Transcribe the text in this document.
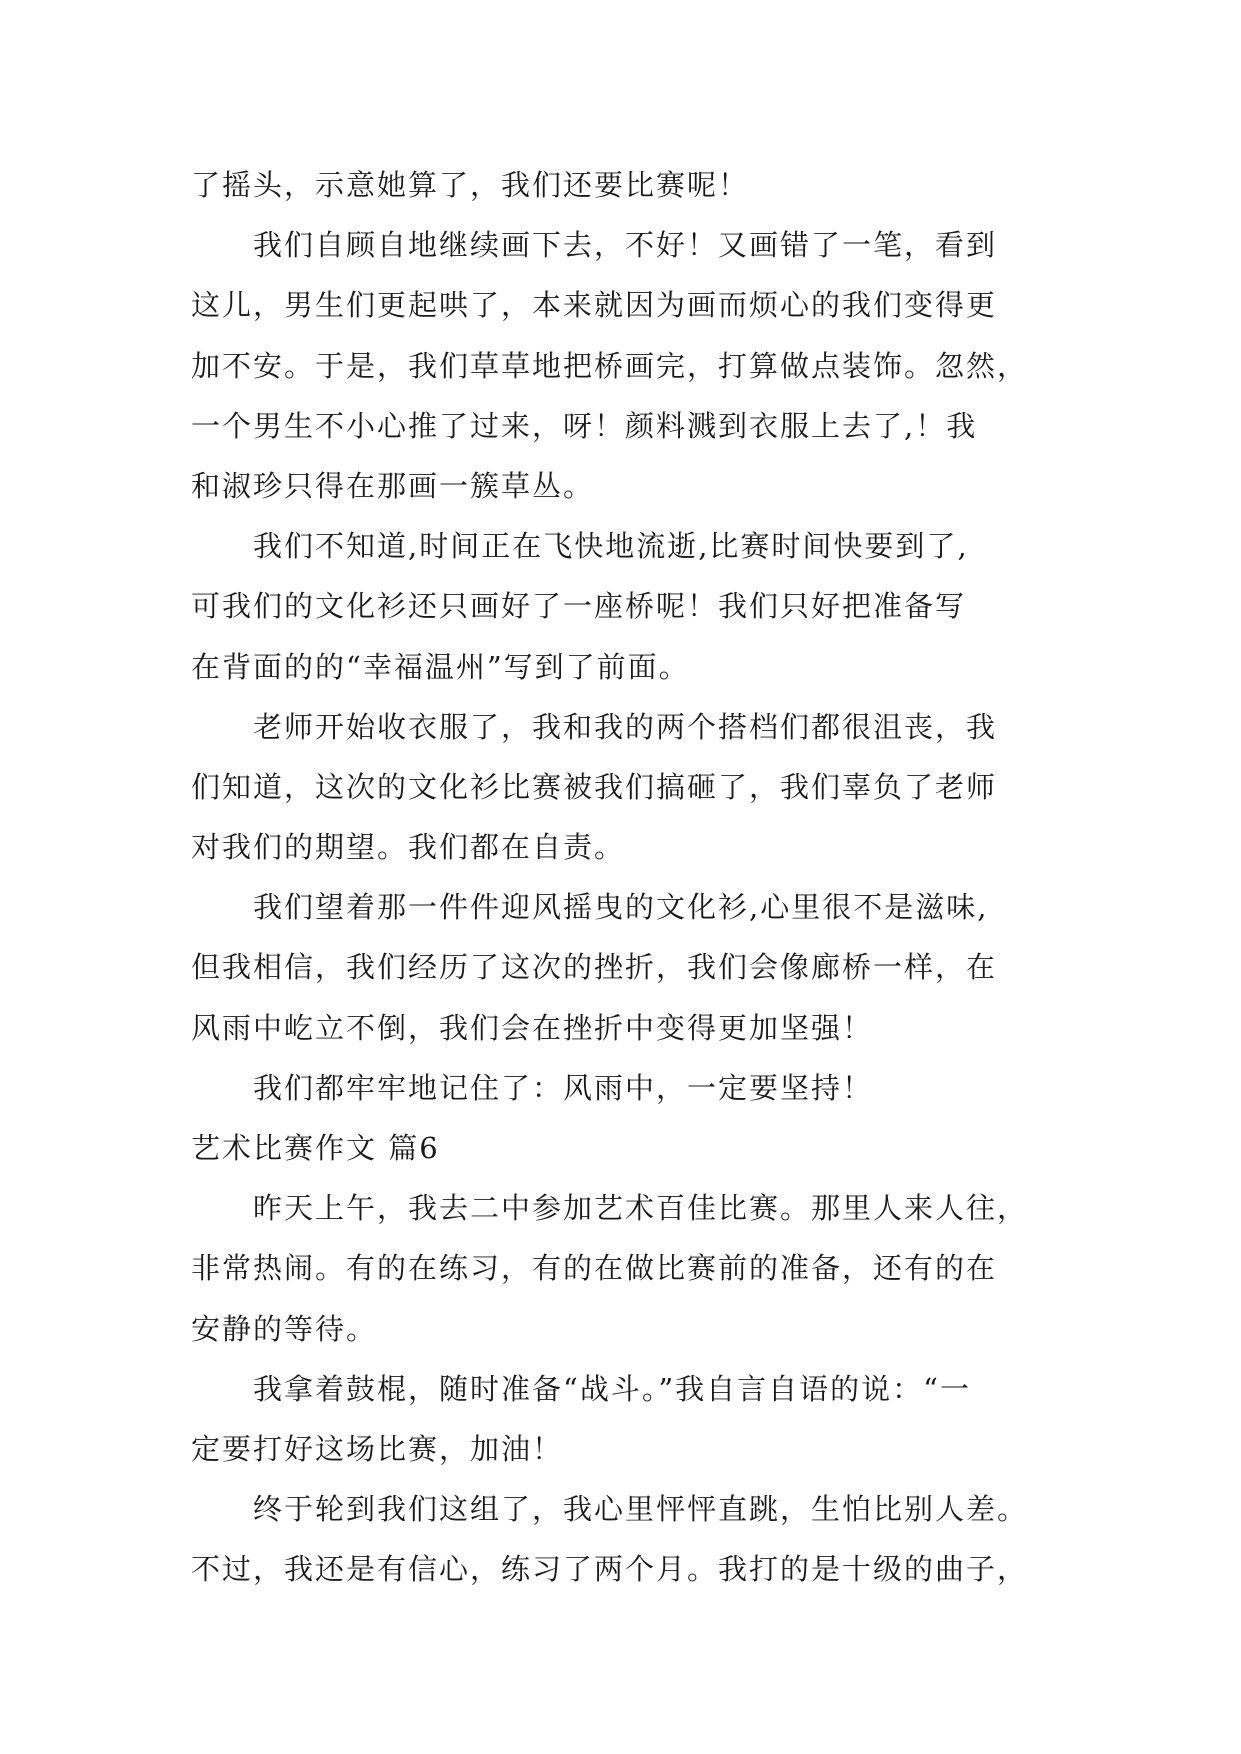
了摇头，示意她算了，我们还要比赛呢！
我们自顾自地继续画下去，不好！又画错了一笔，看到
这儿，男生们更起哄了，本来就因为画而烦心的我们变得更
加不安。于是，我们草草地把桥画完，打算做点装饰。忽然，
一个男生不小心推了过来，呀！颜料溅到衣服上去了,！我
和淑珍只得在那画一簇草丛。
我们不知道,时间正在飞快地流逝,比赛时间快要到了,
可我们的文化衫还只画好了一座桥呢！我们只好把准备写
在背面的的“幸福温州”写到了前面。
老师开始收衣服了，我和我的两个搭档们都很沮丧，我
们知道，这次的文化衫比赛被我们搞砸了，我们辜负了老师
对我们的期望。我们都在自责。
我们望着那一件件迎风摇曳的文化衫,心里很不是滋味,
但我相信，我们经历了这次的挫折，我们会像廊桥一样，在
风雨中屹立不倒，我们会在挫折中变得更加坚强！
我们都牢牢地记住了：风雨中，一定要坚持！
艺术比赛作文 篇6
昨天上午，我去二中参加艺术百佳比赛。那里人来人往，
非常热闹。有的在练习，有的在做比赛前的准备，还有的在
安静的等待。
我拿着鼓棍，随时准备“战斗。”我自言自语的说：“一
定要打好这场比赛，加油！
终于轮到我们这组了，我心里怦怦直跳，生怕比别人差。
不过，我还是有信心，练习了两个月。我打的是十级的曲子，
